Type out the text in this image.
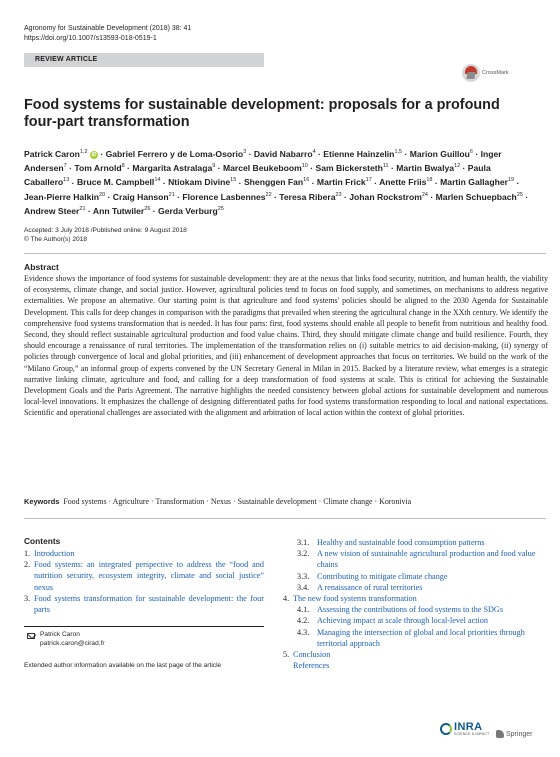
Agronomy for Sustainable Development (2018) 38: 41
https://doi.org/10.1007/s13593-018-0519-1
REVIEW ARTICLE
CrossMark
Food systems for sustainable development: proposals for a profound four-part transformation
Patrick Caron$^{1,2}$ iD · Gabriel Ferrero y de Loma-Osorio$^3$ · David Nabarro$^4$ · Etienne Hainzelin$^{1,5}$ · Marion Guillou$^6$ · Inger Andersen$^7$ · Tom Arnold$^8$ · Margarita Astralaga$^9$ · Marcel Beukeboom$^{10}$ · Sam Bickersteth$^{11}$ · Martin Bwalya$^{12}$ · Paula Caballero$^{13}$ · Bruce M. Campbell$^{14}$ · Ntiokam Divine$^{15}$ · Shenggen Fan$^{16}$ · Martin Frick$^{17}$ · Anette Friis$^{18}$ · Martin Gallagher$^{19}$ · Jean-Pierre Halkin$^{20}$ · Craig Hanson$^{21}$ · Florence Lasbennes$^{22}$ · Teresa Ribera$^{23}$ · Johan Rockstrom$^{24}$ · Marlen Schuepbach$^{25}$ · Andrew Steer$^{21}$ · Ann Tutwiler$^{26}$ · Gerda Verburg$^{25}$
Accepted: 3 July 2018 /Published online: 9 August 2018
© The Author(s) 2018
Abstract
Evidence shows the importance of food systems for sustainable development: they are at the nexus that links food security, nutrition, and human health, the viability of ecosystems, climate change, and social justice. However, agricultural policies tend to focus on food supply, and sometimes, on mechanisms to address negative externalities. We propose an alternative. Our starting point is that agriculture and food systems' policies should be aligned to the 2030 Agenda for Sustainable Development. This calls for deep changes in comparison with the paradigms that prevailed when steering the agricultural change in the XXth century. We identify the comprehensive food systems transformation that is needed. It has four parts: first, food systems should enable all people to benefit from nutritious and healthy food. Second, they should reflect sustainable agricultural production and food value chains. Third, they should mitigate climate change and build resilience. Fourth, they should encourage a renaissance of rural territories. The implementation of the transformation relies on (i) suitable metrics to aid decision-making, (ii) synergy of policies through convergence of local and global priorities, and (iii) enhancement of development approaches that focus on territories. We build on the work of the “Milano Group,” an informal group of experts convened by the UN Secretary General in Milan in 2015. Backed by a literature review, what emerges is a strategic narrative linking climate, agriculture and food, and calling for a deep transformation of food systems at scale. This is critical for achieving the Sustainable Development Goals and the Paris Agreement. The narrative highlights the needed consistency between global actions for sustainable development and numerous local-level innovations. It emphasizes the challenge of designing differentiated paths for food systems transformation responding to local and national expectations. Scientific and operational challenges are associated with the alignment and arbitration of local action within the context of global priorities.
Keywords Food systems · Agriculture · Transformation · Nexus · Sustainable development · Climate change · Koronivia
Contents
1. Introduction
2. Food systems: an integrated perspective to address the “food and nutrition security, ecosystem integrity, climate and social justice” nexus
3. Food systems transformation for sustainable development: the four parts
3.1. Healthy and sustainable food consumption patterns
3.2. A new vision of sustainable agricultural production and food value chains
3.3. Contributing to mitigate climate change
3.4. A renaissance of rural territories
4. The new food systems transformation
4.1. Assessing the contributions of food systems to the SDGs
4.2. Achieving impact at scale through local-level action
4.3. Managing the intersection of global and local priorities through territorial approach
5. Conclusion
References
Patrick Caron
patrick.caron@cirad.fr
Extended author information available on the last page of the article
INRA
SCIENCE & IMPACT Springer
